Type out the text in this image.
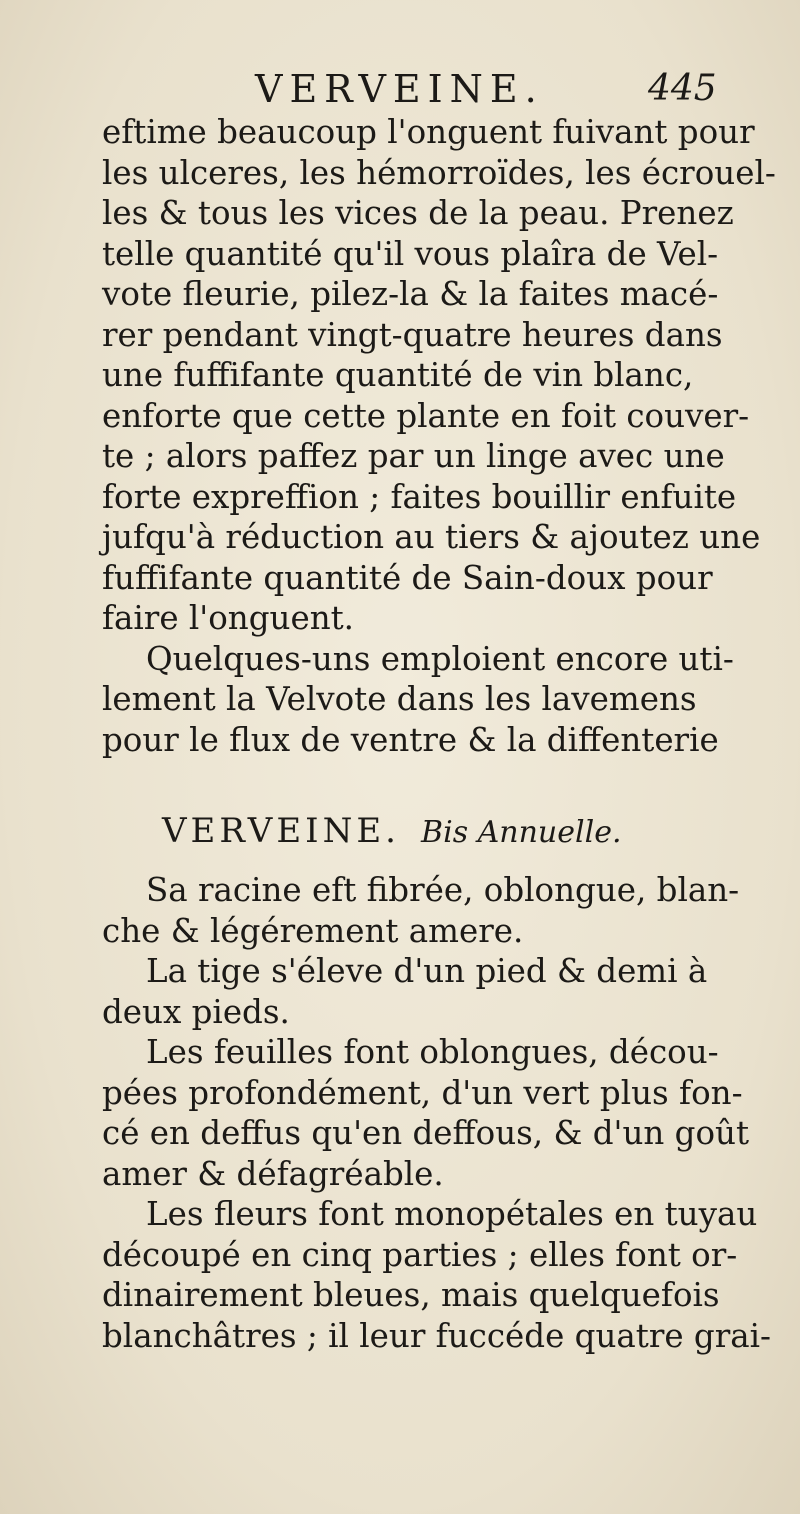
VERVEINE.	445
eftime beaucoup l'onguent fuivant pour
les ulceres, les hémorroïdes, les écrouel-
les & tous les vices de la peau. Prenez
telle quantité qu'il vous plaîra de Vel-
vote fleurie, pilez-la & la faites macé-
rer pendant vingt-quatre heures dans
une fuffifante quantité de vin blanc,
enforte que cette plante en foit couver-
te ; alors paffez par un linge avec une
forte expreffion ; faites bouillir enfuite
jufqu'à réduction au tiers & ajoutez une
fuffifante quantité de Sain-doux pour
faire l'onguent.
Quelques-uns emploient encore uti-
lement la Velvote dans les lavemens
pour le flux de ventre & la diffenterie
VERVEINE. Bis Annuelle.
Sa racine eft fibrée, oblongue, blan-
che & légérement amere.
La tige s'éleve d'un pied & demi à
deux pieds.
Les feuilles font oblongues, décou-
pées profondément, d'un vert plus fon-
cé en deffus qu'en deffous, & d'un goût
amer & défagréable.
Les fleurs font monopétales en tuyau
découpé en cinq parties ; elles font or-
dinairement bleues, mais quelquefois
blanchâtres ; il leur fuccéde quatre grai-
